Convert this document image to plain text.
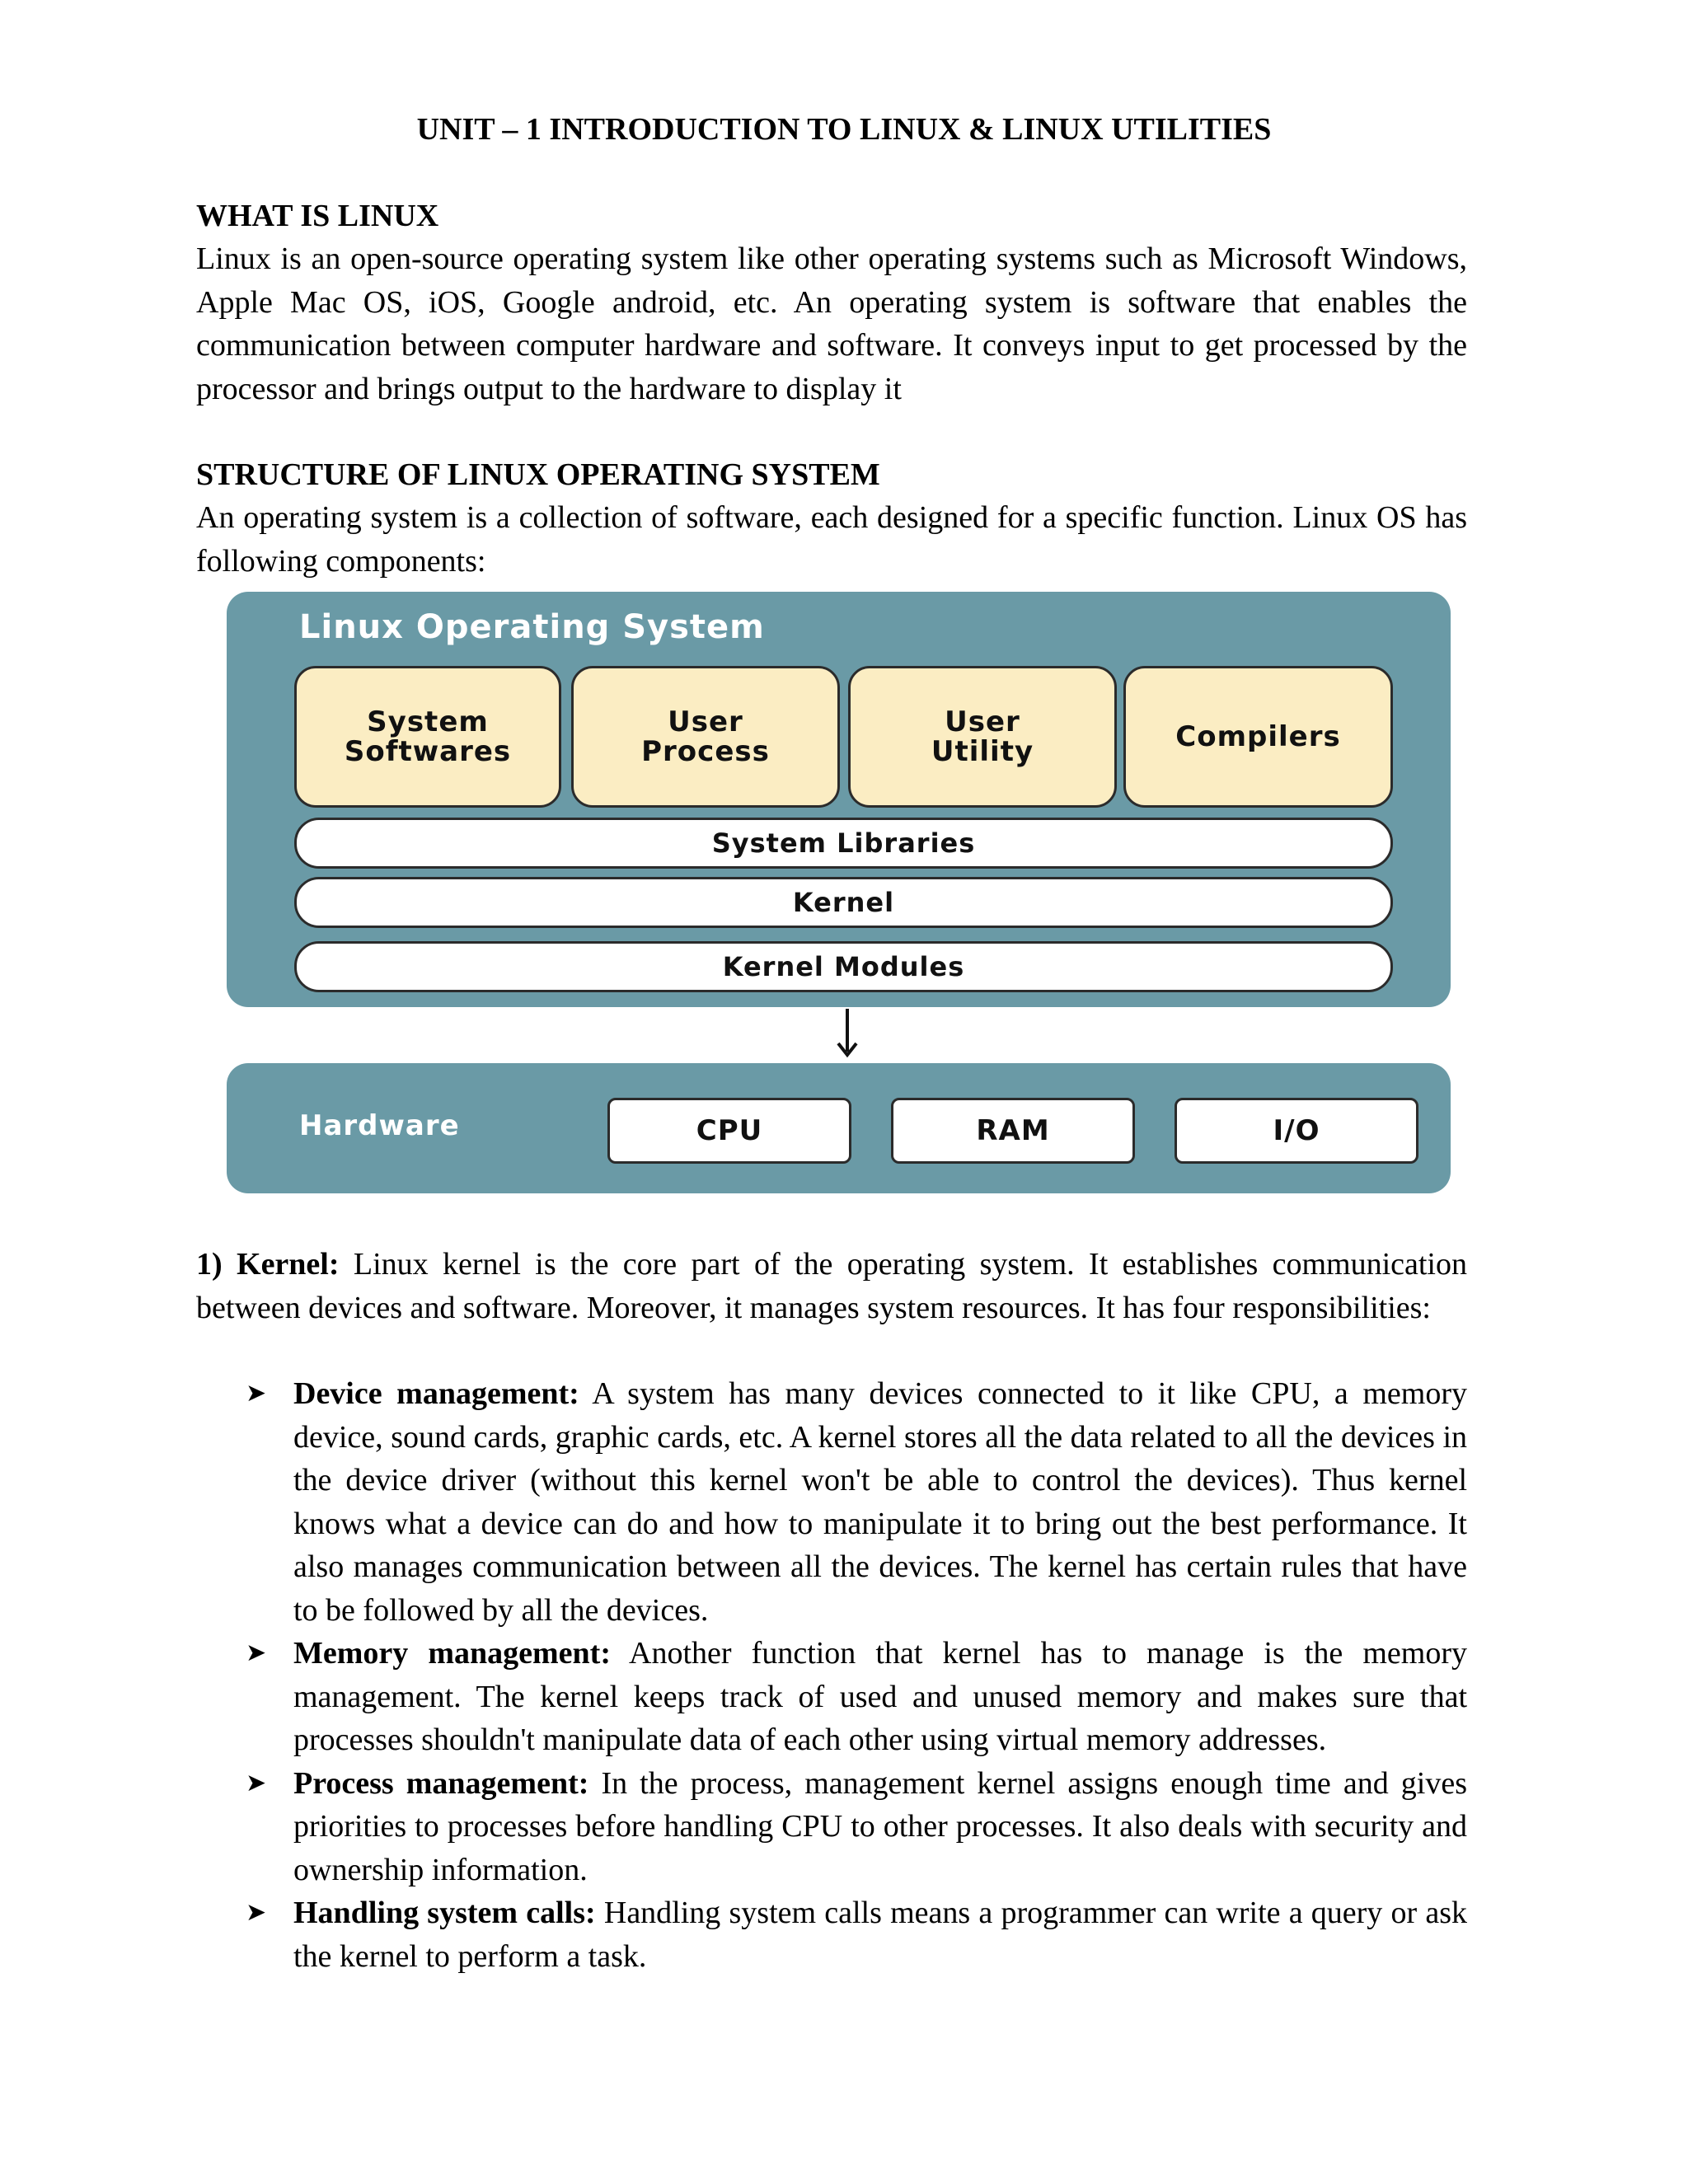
UNIT – 1 INTRODUCTION TO LINUX & LINUX UTILITIES
WHAT IS LINUX
Linux is an open-source operating system like other operating systems such as Microsoft Windows, Apple Mac OS, iOS, Google android, etc. An operating system is software that enables the communication between computer hardware and software. It conveys input to get processed by the processor and brings output to the hardware to display it
STRUCTURE OF LINUX OPERATING SYSTEM
An operating system is a collection of software, each designed for a specific function. Linux OS has following components:
Linux Operating System
System
Softwares
User
Process
User
Utility	Compilers
System Libraries
Kernel
Kernel Modules
Hardware	CPU	RAM	I/O
1) Kernel: Linux kernel is the core part of the operating system. It establishes communication between devices and software. Moreover, it manages system resources. It has four responsibilities:
➤ Device management: A system has many devices connected to it like CPU, a memory device, sound cards, graphic cards, etc. A kernel stores all the data related to all the devices in the device driver (without this kernel won't be able to control the devices). Thus kernel knows what a device can do and how to manipulate it to bring out the best performance. It also manages communication between all the devices. The kernel has certain rules that have to be followed by all the devices.
➤ Memory management: Another function that kernel has to manage is the memory management. The kernel keeps track of used and unused memory and makes sure that processes shouldn't manipulate data of each other using virtual memory addresses.
➤ Process management: In the process, management kernel assigns enough time and gives priorities to processes before handling CPU to other processes. It also deals with security and ownership information.
➤ Handling system calls: Handling system calls means a programmer can write a query or ask the kernel to perform a task.
